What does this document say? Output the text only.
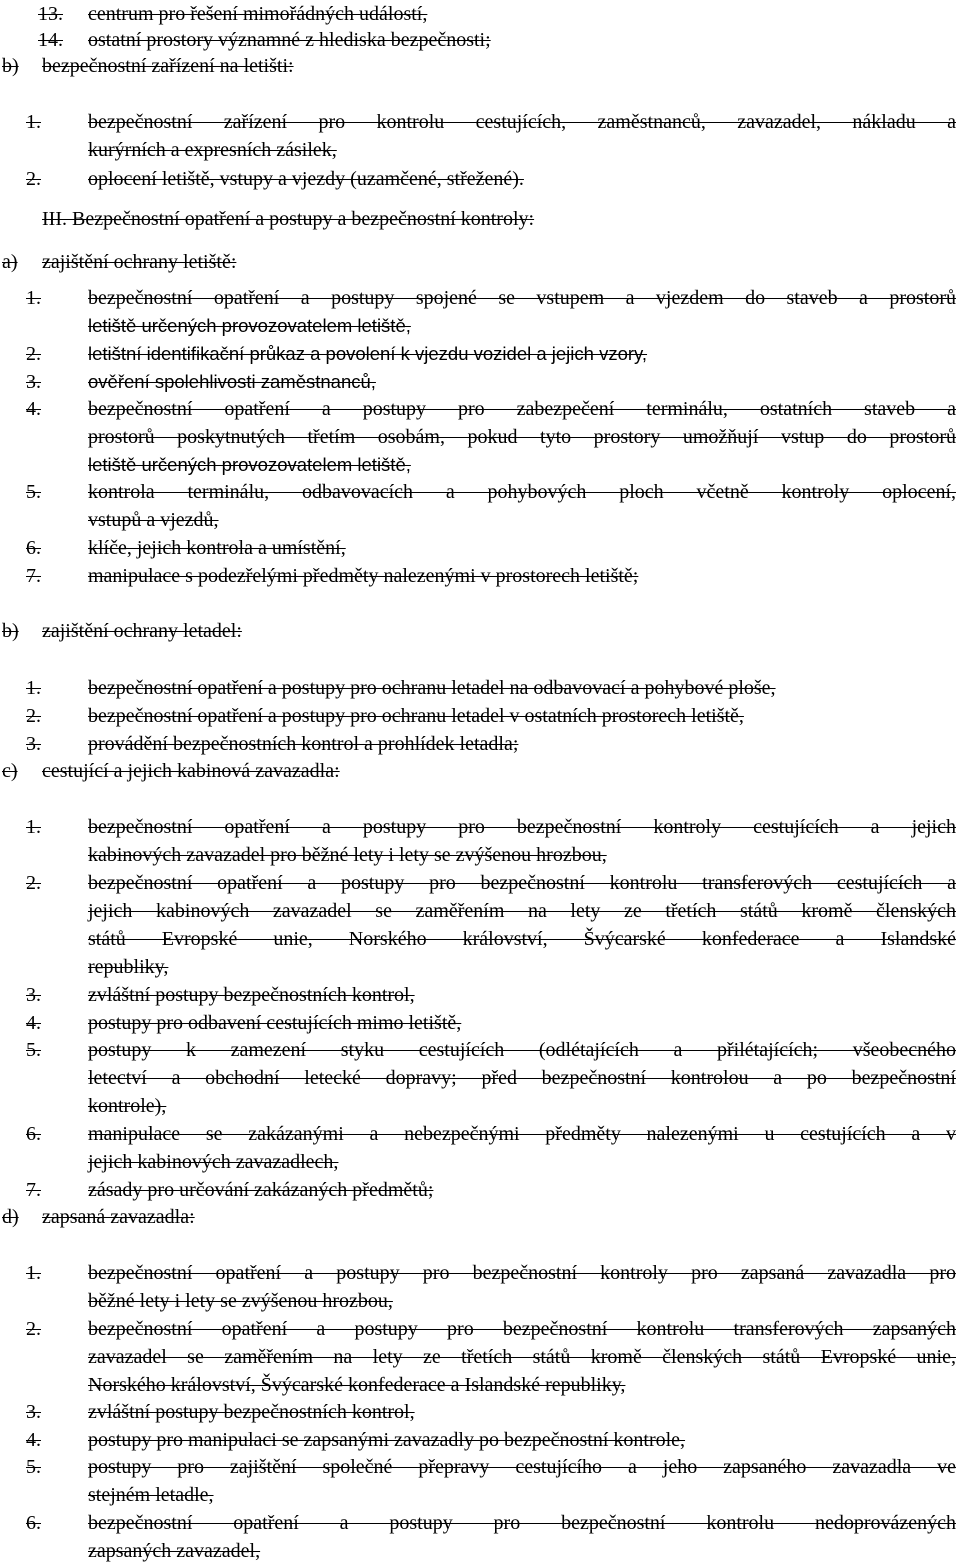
13.	centrum pro řešení mimořádných událostí,
14.	ostatní prostory významné z hlediska bezpečnosti;
b) bezpečnostní zařízení na letišti:
1.	bezpečnostní zařízení pro kontrolu cestujících, zaměstnanců, zavazadel, nákladu a
kurýrních a expresních zásilek,
2.	oplocení letiště, vstupy a vjezdy (uzamčené, střežené).
III. Bezpečnostní opatření a postupy a bezpečnostní kontroly:
a) zajištění ochrany letiště:
1.	bezpečnostní opatření a postupy spojené se vstupem a vjezdem do staveb a prostorů
letiště určených provozovatelem letiště,
2.	letištní identifikační průkaz a povolení k vjezdu vozidel a jejich vzory,
3.	ověření spolehlivosti zaměstnanců,
4.	bezpečnostní opatření a postupy pro zabezpečení terminálu, ostatních staveb a
prostorů poskytnutých třetím osobám, pokud tyto prostory umožňují vstup do prostorů
letiště určených provozovatelem letiště,
5.	kontrola terminálu, odbavovacích a pohybových ploch včetně kontroly oplocení,
vstupů a vjezdů,
6.	klíče, jejich kontrola a umístění,
7.	manipulace s podezřelými předměty nalezenými v prostorech letiště;
b) zajištění ochrany letadel:
1.	bezpečnostní opatření a postupy pro ochranu letadel na odbavovací a pohybové ploše,
2.	bezpečnostní opatření a postupy pro ochranu letadel v ostatních prostorech letiště,
3.	provádění bezpečnostních kontrol a prohlídek letadla;
c) cestující a jejich kabinová zavazadla:
1.	bezpečnostní opatření a postupy pro bezpečnostní kontroly cestujících a jejich
kabinových zavazadel pro běžné lety i lety se zvýšenou hrozbou,
2.	bezpečnostní opatření a postupy pro bezpečnostní kontrolu transferových cestujících a
jejich kabinových zavazadel se zaměřením na lety ze třetích států kromě členských
států Evropské unie, Norského království, Švýcarské konfederace a Islandské
republiky,
3.	zvláštní postupy bezpečnostních kontrol,
4.	postupy pro odbavení cestujících mimo letiště,
5.	postupy k zamezení styku cestujících (odlétajících a přilétajících; všeobecného
letectví a obchodní letecké dopravy; před bezpečnostní kontrolou a po bezpečnostní
kontrole),
6.	manipulace se zakázanými a nebezpečnými předměty nalezenými u cestujících a v
jejich kabinových zavazadlech,
7.	zásady pro určování zakázaných předmětů;
d) zapsaná zavazadla:
1.	bezpečnostní opatření a postupy pro bezpečnostní kontroly pro zapsaná zavazadla pro
běžné lety i lety se zvýšenou hrozbou,
2.	bezpečnostní opatření a postupy pro bezpečnostní kontrolu transferových zapsaných
zavazadel se zaměřením na lety ze třetích států kromě členských států Evropské unie,
Norského království, Švýcarské konfederace a Islandské republiky,
3.	zvláštní postupy bezpečnostních kontrol,
4.	postupy pro manipulaci se zapsanými zavazadly po bezpečnostní kontrole,
5.	postupy pro zajištění společné přepravy cestujícího a jeho zapsaného zavazadla ve
stejném letadle,
6.	bezpečnostní opatření a postupy pro bezpečnostní kontrolu nedoprovázených
zapsaných zavazadel,
